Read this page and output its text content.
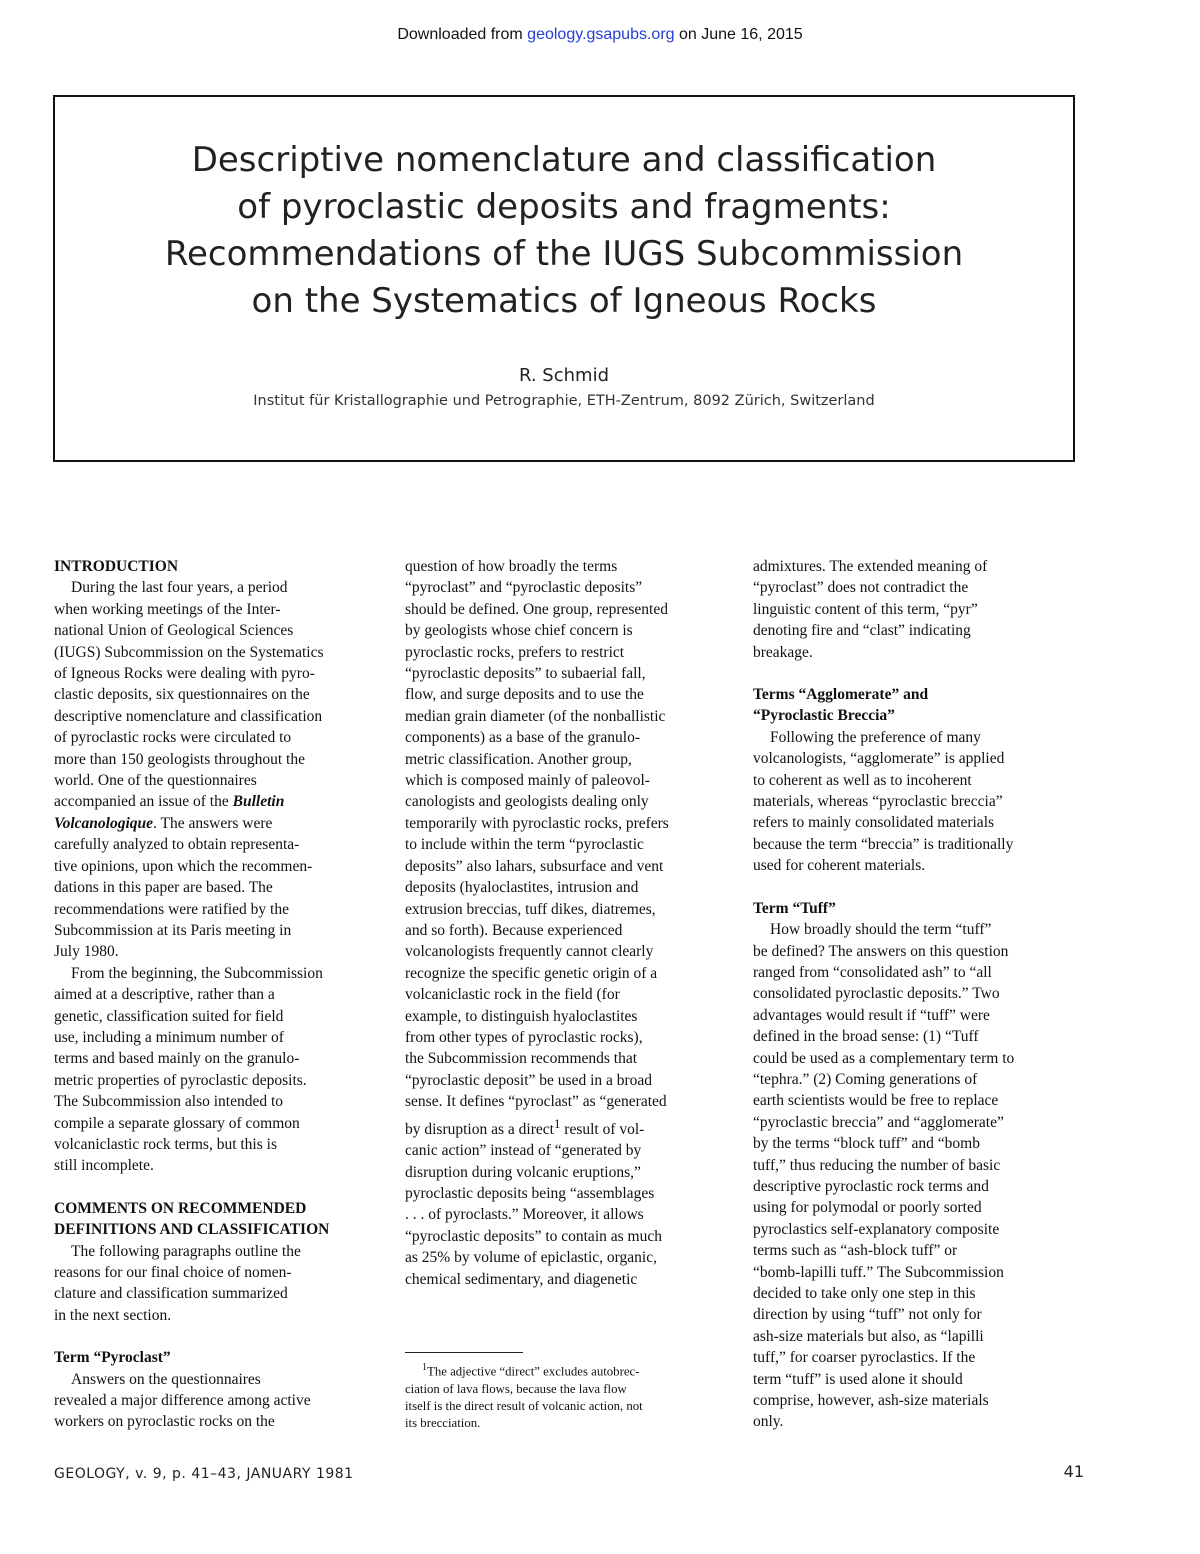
Downloaded from geology.gsapubs.org on June 16, 2015
Descriptive nomenclature and classification
of pyroclastic deposits and fragments:
Recommendations of the IUGS Subcommission
on the Systematics of Igneous Rocks
R. Schmid
Institut für Kristallographie und Petrographie, ETH-Zentrum, 8092 Zürich, Switzerland
INTRODUCTION

During the last four years, a period
when working meetings of the Inter-
national Union of Geological Sciences
(IUGS) Subcommission on the Systematics
of Igneous Rocks were dealing with pyro-
clastic deposits, six questionnaires on the
descriptive nomenclature and classification
of pyroclastic rocks were circulated to
more than 150 geologists throughout the
world. One of the questionnaires
accompanied an issue of the Bulletin
Volcanologique. The answers were
carefully analyzed to obtain representa-
tive opinions, upon which the recommen-
dations in this paper are based. The
recommendations were ratified by the
Subcommission at its Paris meeting in
July 1980.

From the beginning, the Subcommission
aimed at a descriptive, rather than a
genetic, classification suited for field
use, including a minimum number of
terms and based mainly on the granulo-
metric properties of pyroclastic deposits.
The Subcommission also intended to
compile a separate glossary of common
volcaniclastic rock terms, but this is
still incomplete.

COMMENTS ON RECOMMENDED
DEFINITIONS AND CLASSIFICATION

The following paragraphs outline the
reasons for our final choice of nomen-
clature and classification summarized
in the next section.

Term “Pyroclast”

Answers on the questionnaires
revealed a major difference among active
workers on pyroclastic rocks on the

question of how broadly the terms
“pyroclast” and “pyroclastic deposits”
should be defined. One group, represented
by geologists whose chief concern is
pyroclastic rocks, prefers to restrict
“pyroclastic deposits” to subaerial fall,
flow, and surge deposits and to use the
median grain diameter (of the nonballistic
components) as a base of the granulo-
metric classification. Another group,
which is composed mainly of paleovol-
canologists and geologists dealing only
temporarily with pyroclastic rocks, prefers
to include within the term “pyroclastic
deposits” also lahars, subsurface and vent
deposits (hyaloclastites, intrusion and
extrusion breccias, tuff dikes, diatremes,
and so forth). Because experienced
volcanologists frequently cannot clearly
recognize the specific genetic origin of a
volcaniclastic rock in the field (for
example, to distinguish hyaloclastites
from other types of pyroclastic rocks),
the Subcommission recommends that
“pyroclastic deposit” be used in a broad
sense. It defines “pyroclast” as “generated
by disruption as a direct$^1$ result of vol-
canic action” instead of “generated by
disruption during volcanic eruptions,”
pyroclastic deposits being “assemblages
. . . of pyroclasts.” Moreover, it allows
“pyroclastic deposits” to contain as much
as 25% by volume of epiclastic, organic,
chemical sedimentary, and diagenetic

$^1$The adjective “direct” excludes autobrec-
ciation of lava flows, because the lava flow
itself is the direct result of volcanic action, not
its brecciation.

admixtures. The extended meaning of
“pyroclast” does not contradict the
linguistic content of this term, “pyr”
denoting fire and “clast” indicating
breakage.

Terms “Agglomerate” and
“Pyroclastic Breccia”

Following the preference of many
volcanologists, “agglomerate” is applied
to coherent as well as to incoherent
materials, whereas “pyroclastic breccia”
refers to mainly consolidated materials
because the term “breccia” is traditionally
used for coherent materials.

Term “Tuff”

How broadly should the term “tuff”
be defined? The answers on this question
ranged from “consolidated ash” to “all
consolidated pyroclastic deposits.” Two
advantages would result if “tuff” were
defined in the broad sense: (1) “Tuff
could be used as a complementary term to
“tephra.” (2) Coming generations of
earth scientists would be free to replace
“pyroclastic breccia” and “agglomerate”
by the terms “block tuff” and “bomb
tuff,” thus reducing the number of basic
descriptive pyroclastic rock terms and
using for polymodal or poorly sorted
pyroclastics self-explanatory composite
terms such as “ash-block tuff” or
“bomb-lapilli tuff.” The Subcommission
decided to take only one step in this
direction by using “tuff” not only for
ash-size materials but also, as “lapilli
tuff,” for coarser pyroclastics. If the
term “tuff” is used alone it should
comprise, however, ash-size materials
only.

GEOLOGY, v. 9, p. 41–43, JANUARY 1981	41
